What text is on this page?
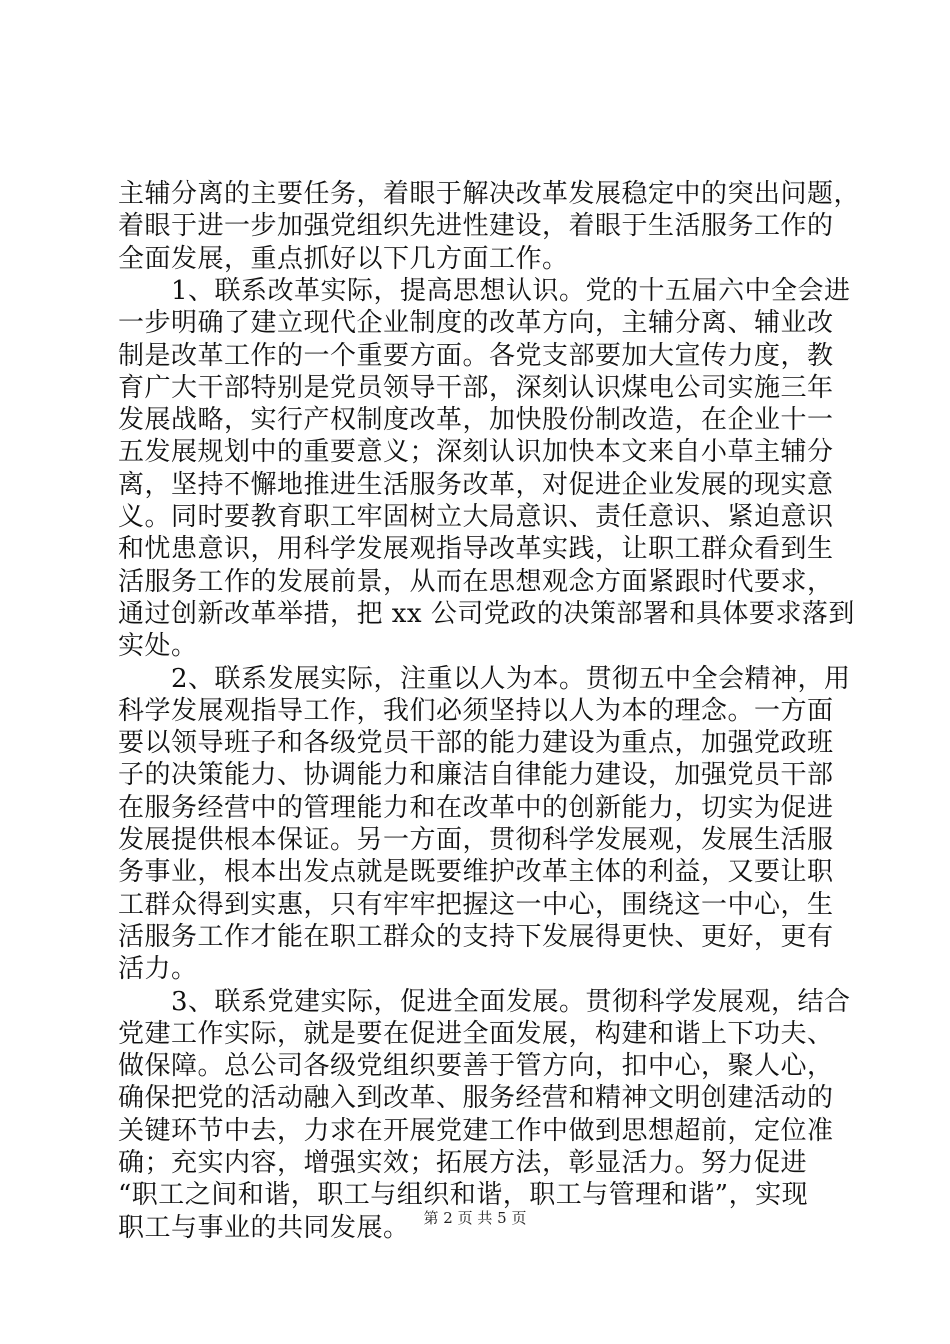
主辅分离的主要任务，着眼于解决改革发展稳定中的突出问题，
着眼于进一步加强党组织先进性建设，着眼于生活服务工作的
全面发展，重点抓好以下几方面工作。
　　1、联系改革实际，提高思想认识。党的十五届六中全会进
一步明确了建立现代企业制度的改革方向，主辅分离、辅业改
制是改革工作的一个重要方面。各党支部要加大宣传力度，教
育广大干部特别是党员领导干部，深刻认识煤电公司实施三年
发展战略，实行产权制度改革，加快股份制改造，在企业十一
五发展规划中的重要意义；深刻认识加快本文来自小草主辅分
离，坚持不懈地推进生活服务改革，对促进企业发展的现实意
义。同时要教育职工牢固树立大局意识、责任意识、紧迫意识
和忧患意识，用科学发展观指导改革实践，让职工群众看到生
活服务工作的发展前景，从而在思想观念方面紧跟时代要求，
通过创新改革举措，把 xx 公司党政的决策部署和具体要求落到
实处。
　　2、联系发展实际，注重以人为本。贯彻五中全会精神，用
科学发展观指导工作，我们必须坚持以人为本的理念。一方面
要以领导班子和各级党员干部的能力建设为重点，加强党政班
子的决策能力、协调能力和廉洁自律能力建设，加强党员干部
在服务经营中的管理能力和在改革中的创新能力，切实为促进
发展提供根本保证。另一方面，贯彻科学发展观，发展生活服
务事业，根本出发点就是既要维护改革主体的利益，又要让职
工群众得到实惠，只有牢牢把握这一中心，围绕这一中心，生
活服务工作才能在职工群众的支持下发展得更快、更好，更有
活力。
　　3、联系党建实际，促进全面发展。贯彻科学发展观，结合
党建工作实际，就是要在促进全面发展，构建和谐上下功夫、
做保障。总公司各级党组织要善于管方向，扣中心，聚人心，
确保把党的活动融入到改革、服务经营和精神文明创建活动的
关键环节中去，力求在开展党建工作中做到思想超前，定位准
确；充实内容，增强实效；拓展方法，彰显活力。努力促进
“职工之间和谐，职工与组织和谐，职工与管理和谐”，实现
职工与事业的共同发展。 第 2 页 共 5 页
